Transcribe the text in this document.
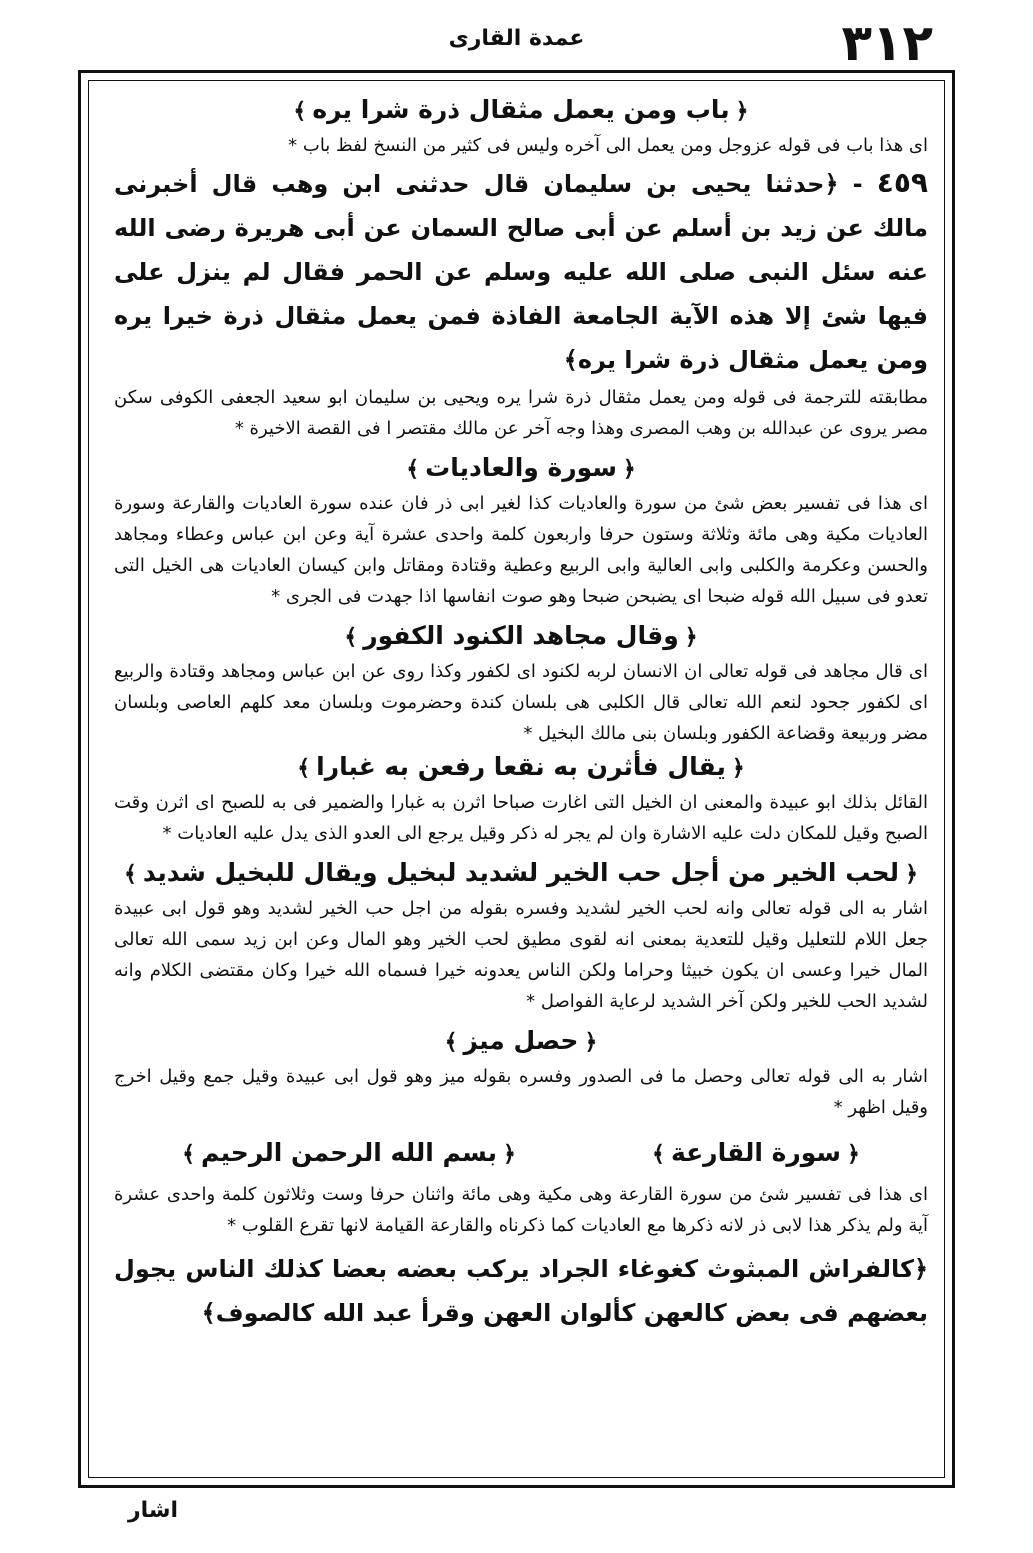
٣١٢
عمدة القارى

﴿باب ومن يعمل مثقال ذرة شرا يره﴾

اى هذا باب فى قوله عزوجل ومن يعمل الى آخره وليس فى كثير من النسخ لفظ باب *

٤٥٩ - ﴿حدثنا يحيى بن سليمان قال حدثنى ابن وهب قال أخبرنى مالك عن زيد بن أسلم عن أبى صالح السمان عن أبى هريرة رضى الله عنه سئل النبى صلى الله عليه وسلم عن الحمر فقال لم ينزل على فيها شئ إلا هذه الآية الجامعة الفاذة فمن يعمل مثقال ذرة خيرا يره ومن يعمل مثقال ذرة شرا يره﴾

مطابقته للترجمة فى قوله ومن يعمل مثقال ذرة شرا يره ويحيى بن سليمان ابو سعيد الجعفى الكوفى سكن مصر يروى عن عبدالله بن وهب المصرى وهذا وجه آخر عن مالك مقتصر ا فى القصة الاخيرة *

﴿سورة والعاديات﴾

اى هذا فى تفسير بعض شئ من سورة والعاديات كذا لغير ابى ذر فان عنده سورة العاديات والقارعة وسورة العاديات مكية وهى مائة وثلاثة وستون حرفا واربعون كلمة واحدى عشرة آية وعن ابن عباس وعطاء ومجاهد والحسن وعكرمة والكلبى وابى العالية وابى الربيع وعطية وقتادة ومقاتل وابن كيسان العاديات هى الخيل التى تعدو فى سبيل الله قوله ضبحا اى يضبحن ضبحا وهو صوت انفاسها اذا جهدت فى الجرى *

﴿وقال مجاهد الكنود الكفور﴾

اى قال مجاهد فى قوله تعالى ان الانسان لربه لكنود اى لكفور وكذا روى عن ابن عباس ومجاهد وقتادة والربيع اى لكفور جحود لنعم الله تعالى قال الكلبى هى بلسان كندة وحضرموت وبلسان معد كلهم العاصى وبلسان مضر وربيعة وقضاعة الكفور وبلسان بنى مالك البخيل *

﴿يقال فأثرن به نقعا رفعن به غبارا﴾

القائل بذلك ابو عبيدة والمعنى ان الخيل التى اغارت صباحا اثرن به غبارا والضمير فى به للصبح اى اثرن وقت الصبح وقيل للمكان دلت عليه الاشارة وان لم يجر له ذكر وقيل يرجع الى العدو الذى يدل عليه العاديات *

﴿لحب الخير من أجل حب الخير لشديد لبخيل ويقال للبخيل شديد﴾

اشار به الى قوله تعالى وانه لحب الخير لشديد وفسره بقوله من اجل حب الخير لشديد وهو قول ابى عبيدة جعل اللام للتعليل وقيل للتعدية بمعنى انه لقوى مطيق لحب الخير وهو المال وعن ابن زيد سمى الله تعالى المال خيرا وعسى ان يكون خبيثا وحراما ولكن الناس يعدونه خيرا فسماه الله خيرا وكان مقتضى الكلام وانه لشديد الحب للخير ولكن آخر الشديد لرعاية الفواصل *

﴿حصل ميز﴾

اشار به الى قوله تعالى وحصل ما فى الصدور وفسره بقوله ميز وهو قول ابى عبيدة وقيل جمع وقيل اخرج وقيل اظهر *

﴿سورة القارعة﴾

﴿بسم الله الرحمن الرحيم﴾

اى هذا فى تفسير شئ من سورة القارعة وهى مكية وهى مائة واثنان حرفا وست وثلاثون كلمة واحدى عشرة آية ولم يذكر هذا لابى ذر لانه ذكرها مع العاديات كما ذكرناه والقارعة القيامة لانها تقرع القلوب *

﴿كالفراش المبثوث كغوغاء الجراد يركب بعضه بعضا كذلك الناس يجول بعضهم فى بعض كالعهن كألوان العهن وقرأ عبد الله كالصوف﴾

اشار
